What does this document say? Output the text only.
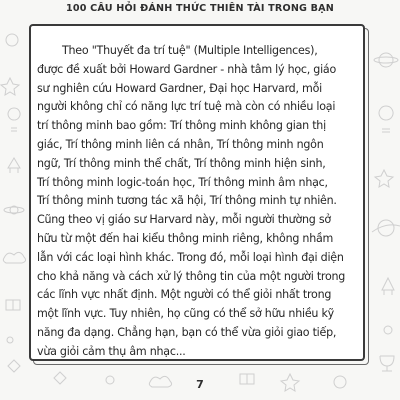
100 CÂU HỎI ĐÁNH THỨC THIÊN TÀI TRONG BẠN

Theo "Thuyết đa trí tuệ" (Multiple Intelligences),
được đề xuất bởi Howard Gardner - nhà tâm lý học, giáo
sư nghiên cứu Howard Gardner, Đại học Harvard, mỗi
người không chỉ có năng lực trí tuệ mà còn có nhiều loại
trí thông minh bao gồm: Trí thông minh không gian thị
giác, Trí thông minh liên cá nhân, Trí thông minh ngôn
ngữ, Trí thông minh thể chất, Trí thông minh hiện sinh,
Trí thông minh logic-toán học, Trí thông minh âm nhạc,
Trí thông minh tương tác xã hội, Trí thông minh tự nhiên.
Cũng theo vị giáo sư Harvard này, mỗi người thường sở
hữu từ một đến hai kiểu thông minh riêng, không nhầm
lẫn với các loại hình khác. Trong đó, mỗi loại hình đại diện
cho khả năng và cách xử lý thông tin của một người trong
các lĩnh vực nhất định. Một người có thể giỏi nhất trong
một lĩnh vực. Tuy nhiên, họ cũng có thể sở hữu nhiều kỹ
năng đa dạng. Chẳng hạn, bạn có thể vừa giỏi giao tiếp,
vừa giỏi cảm thụ âm nhạc...

7
